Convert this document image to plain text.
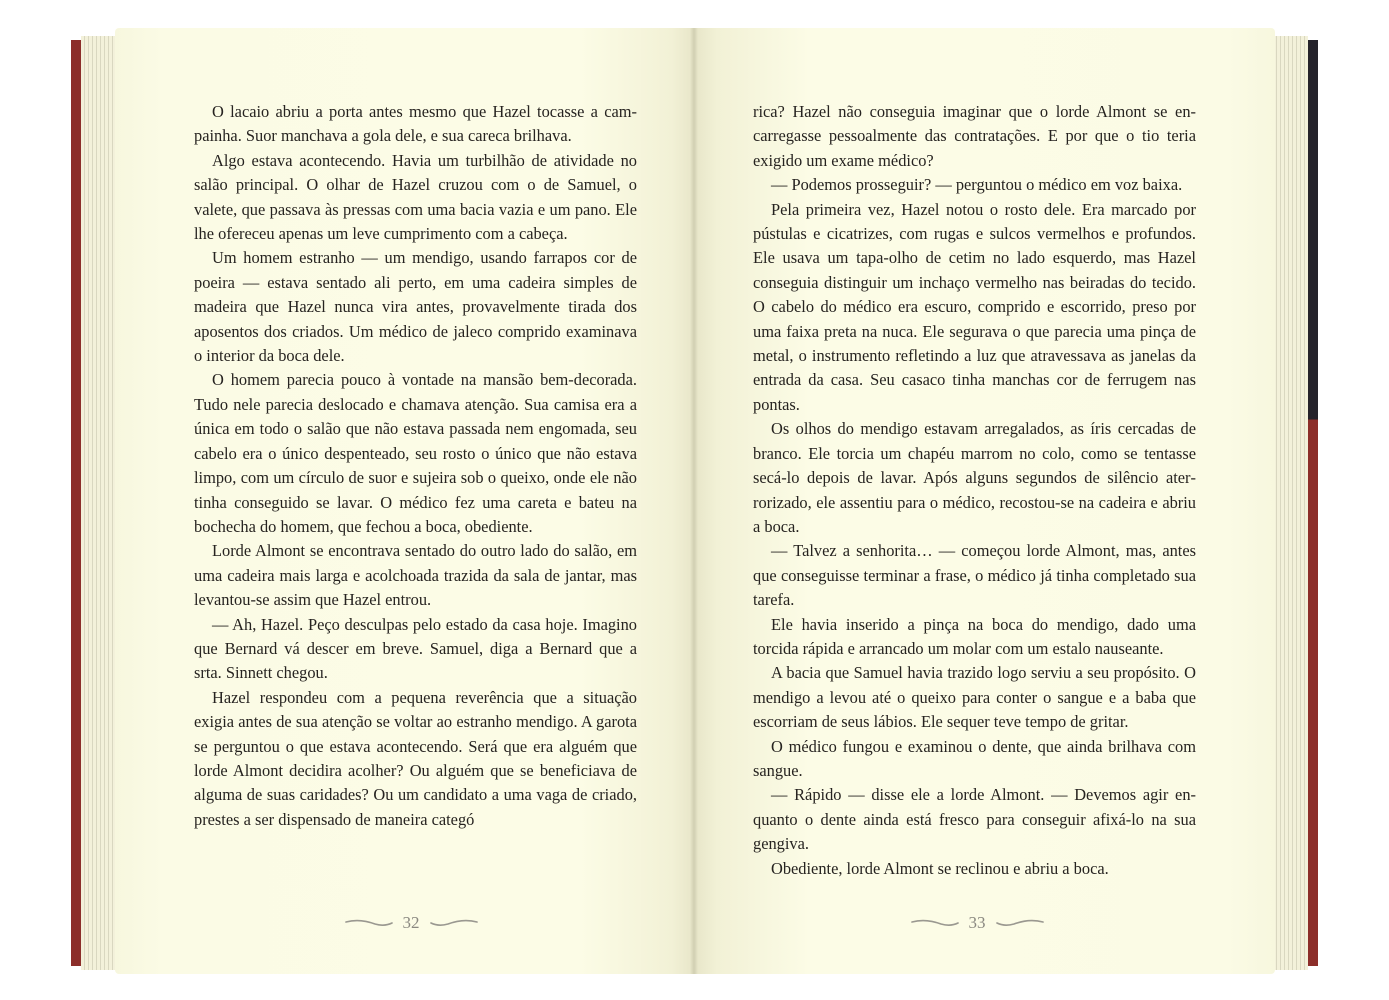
O lacaio abriu a porta antes mesmo que Hazel tocasse a campainha. Suor manchava a gola dele, e sua careca brilhava.

Algo estava acontecendo. Havia um turbilhão de atividade no salão principal. O olhar de Hazel cruzou com o de Samuel, o valete, que passava às pressas com uma bacia vazia e um pano. Ele lhe ofereceu apenas um leve cumprimento com a cabeça.

Um homem estranho — um mendigo, usando farrapos cor de poeira — estava sentado ali perto, em uma cadeira simples de madeira que Hazel nunca vira antes, provavelmente tirada dos aposentos dos criados. Um médico de jaleco comprido examinava o interior da boca dele.

O homem parecia pouco à vontade na mansão bem-decorada. Tudo nele parecia deslocado e chamava atenção. Sua camisa era a única em todo o salão que não estava passada nem engomada, seu cabelo era o único despenteado, seu rosto o único que não estava limpo, com um círculo de suor e sujeira sob o queixo, onde ele não tinha conseguido se lavar. O médico fez uma careta e bateu na bochecha do homem, que fechou a boca, obediente.

Lorde Almont se encontrava sentado do outro lado do salão, em uma cadeira mais larga e acolchoada trazida da sala de jantar, mas levantou-se assim que Hazel entrou.

— Ah, Hazel. Peço desculpas pelo estado da casa hoje. Imagino que Bernard vá descer em breve. Samuel, diga a Bernard que a srta. Sinnett chegou.

Hazel respondeu com a pequena reverência que a situação exigia antes de sua atenção se voltar ao estranho mendigo. A garota se perguntou o que estava acontecendo. Será que era alguém que lorde Almont decidira acolher? Ou alguém que se beneficiava de alguma de suas caridades? Ou um candidato a uma vaga de criado, prestes a ser dispensado de maneira categó

rica? Hazel não conseguia imaginar que o lorde Almont se encarregasse pessoalmente das contratações. E por que o tio teria exigido um exame médico?

— Podemos prosseguir? — perguntou o médico em voz baixa.

Pela primeira vez, Hazel notou o rosto dele. Era marcado por pústulas e cicatrizes, com rugas e sulcos vermelhos e profundos. Ele usava um tapa-olho de cetim no lado esquerdo, mas Hazel conseguia distinguir um inchaço vermelho nas beiradas do tecido. O cabelo do médico era escuro, comprido e escorrido, preso por uma faixa preta na nuca. Ele segurava o que parecia uma pinça de metal, o instrumento refletindo a luz que atravessava as janelas da entrada da casa. Seu casaco tinha manchas cor de ferrugem nas pontas.

Os olhos do mendigo estavam arregalados, as íris cercadas de branco. Ele torcia um chapéu marrom no colo, como se tentasse secá-lo depois de lavar. Após alguns segundos de silêncio aterrorizado, ele assentiu para o médico, recostou-se na cadeira e abriu a boca.

— Talvez a senhorita… — começou lorde Almont, mas, antes que conseguisse terminar a frase, o médico já tinha completado sua tarefa.

Ele havia inserido a pinça na boca do mendigo, dado uma torcida rápida e arrancado um molar com um estalo nauseante.

A bacia que Samuel havia trazido logo serviu a seu propósito. O mendigo a levou até o queixo para conter o sangue e a baba que escorriam de seus lábios. Ele sequer teve tempo de gritar.

O médico fungou e examinou o dente, que ainda brilhava com sangue.

— Rápido — disse ele a lorde Almont. — Devemos agir enquanto o dente ainda está fresco para conseguir afixá-lo na sua gengiva.

Obediente, lorde Almont se reclinou e abriu a boca.

32	33
